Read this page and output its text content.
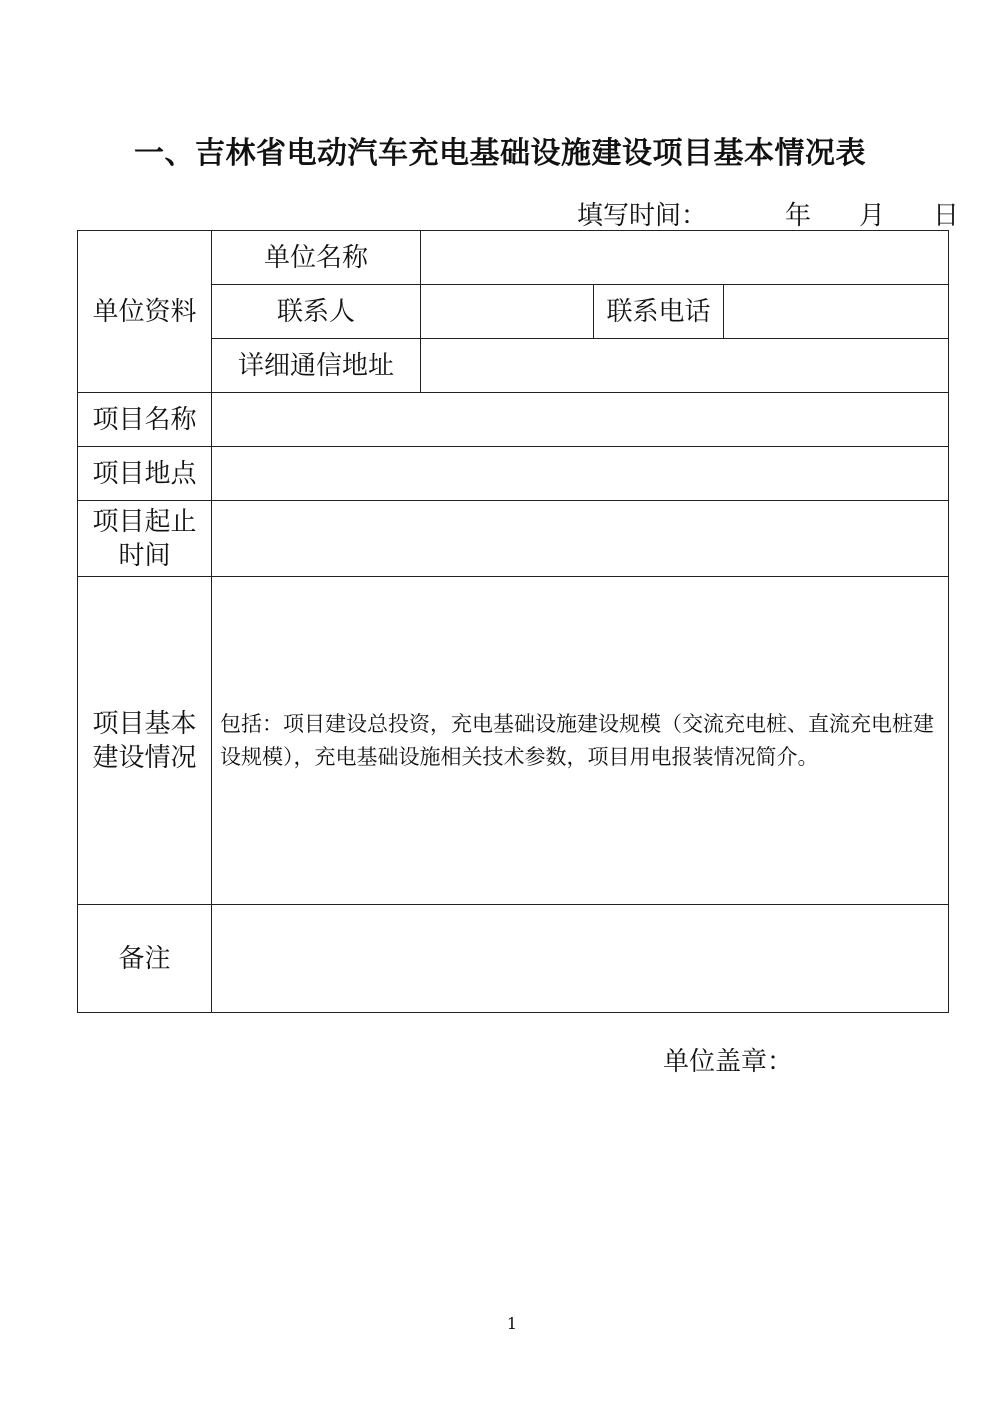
一、吉林省电动汽车充电基础设施建设项目基本情况表
填写时间：	年 月 日
单位资料	单位名称			
	联系人		联系电话	
	详细通信地址			
项目名称				
项目地点				
项目起止时间				
项目基本建设情况	包括：项目建设总投资，充电基础设施建设规模（交流充电桩、直流充电桩建设规模），充电基础设施相关技术参数，项目用电报装情况简介。			

备注				
单位盖章：
1
